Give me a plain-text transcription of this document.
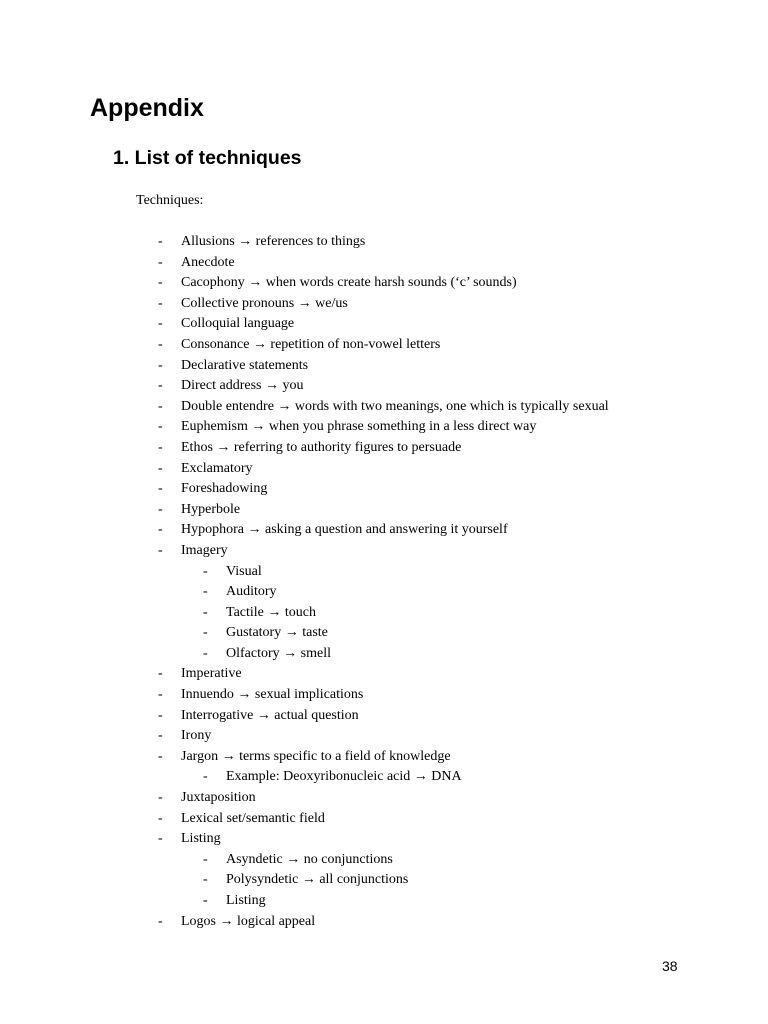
Appendix
1. List of techniques
Techniques:
- Allusions → references to things
- Anecdote
- Cacophony → when words create harsh sounds (‘c’ sounds)
- Collective pronouns → we/us
- Colloquial language
- Consonance → repetition of non-vowel letters
- Declarative statements
- Direct address → you
- Double entendre → words with two meanings, one which is typically sexual
- Euphemism → when you phrase something in a less direct way
- Ethos → referring to authority figures to persuade
- Exclamatory
- Foreshadowing
- Hyperbole
- Hypophora → asking a question and answering it yourself
- Imagery
- Visual
- Auditory
- Tactile → touch
- Gustatory → taste
- Olfactory → smell
- Imperative
- Innuendo → sexual implications
- Interrogative → actual question
- Irony
- Jargon → terms specific to a field of knowledge
- Example: Deoxyribonucleic acid → DNA
- Juxtaposition
- Lexical set/semantic field
- Listing
- Asyndetic → no conjunctions
- Polysyndetic → all conjunctions
- Listing
- Logos → logical appeal
38
